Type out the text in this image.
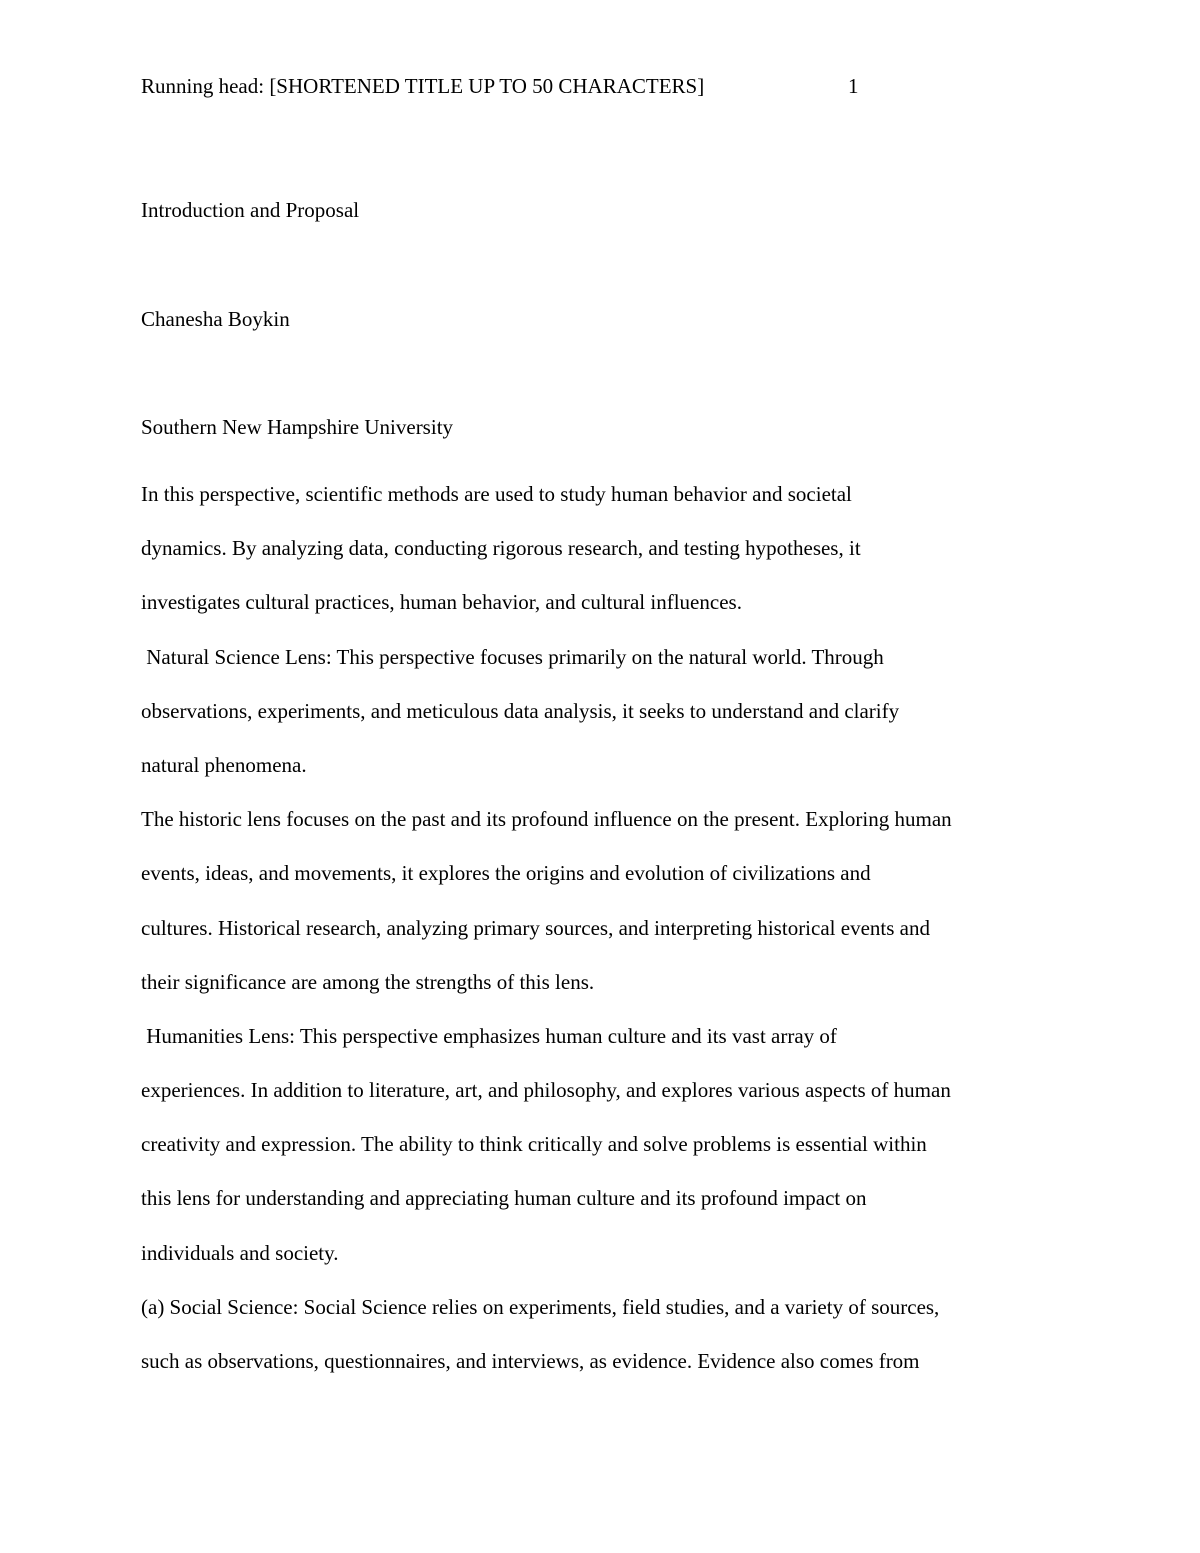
Running head: [SHORTENED TITLE UP TO 50 CHARACTERS]	1
Introduction and Proposal
Chanesha Boykin
Southern New Hampshire University
In this perspective, scientific methods are used to study human behavior and societal
dynamics. By analyzing data, conducting rigorous research, and testing hypotheses, it
investigates cultural practices, human behavior, and cultural influences.
Natural Science Lens: This perspective focuses primarily on the natural world. Through
observations, experiments, and meticulous data analysis, it seeks to understand and clarify
natural phenomena.
The historic lens focuses on the past and its profound influence on the present. Exploring human
events, ideas, and movements, it explores the origins and evolution of civilizations and
cultures. Historical research, analyzing primary sources, and interpreting historical events and
their significance are among the strengths of this lens.
Humanities Lens: This perspective emphasizes human culture and its vast array of
experiences. In addition to literature, art, and philosophy, and explores various aspects of human
creativity and expression. The ability to think critically and solve problems is essential within
this lens for understanding and appreciating human culture and its profound impact on
individuals and society.
(a) Social Science: Social Science relies on experiments, field studies, and a variety of sources,
such as observations, questionnaires, and interviews, as evidence. Evidence also comes from
